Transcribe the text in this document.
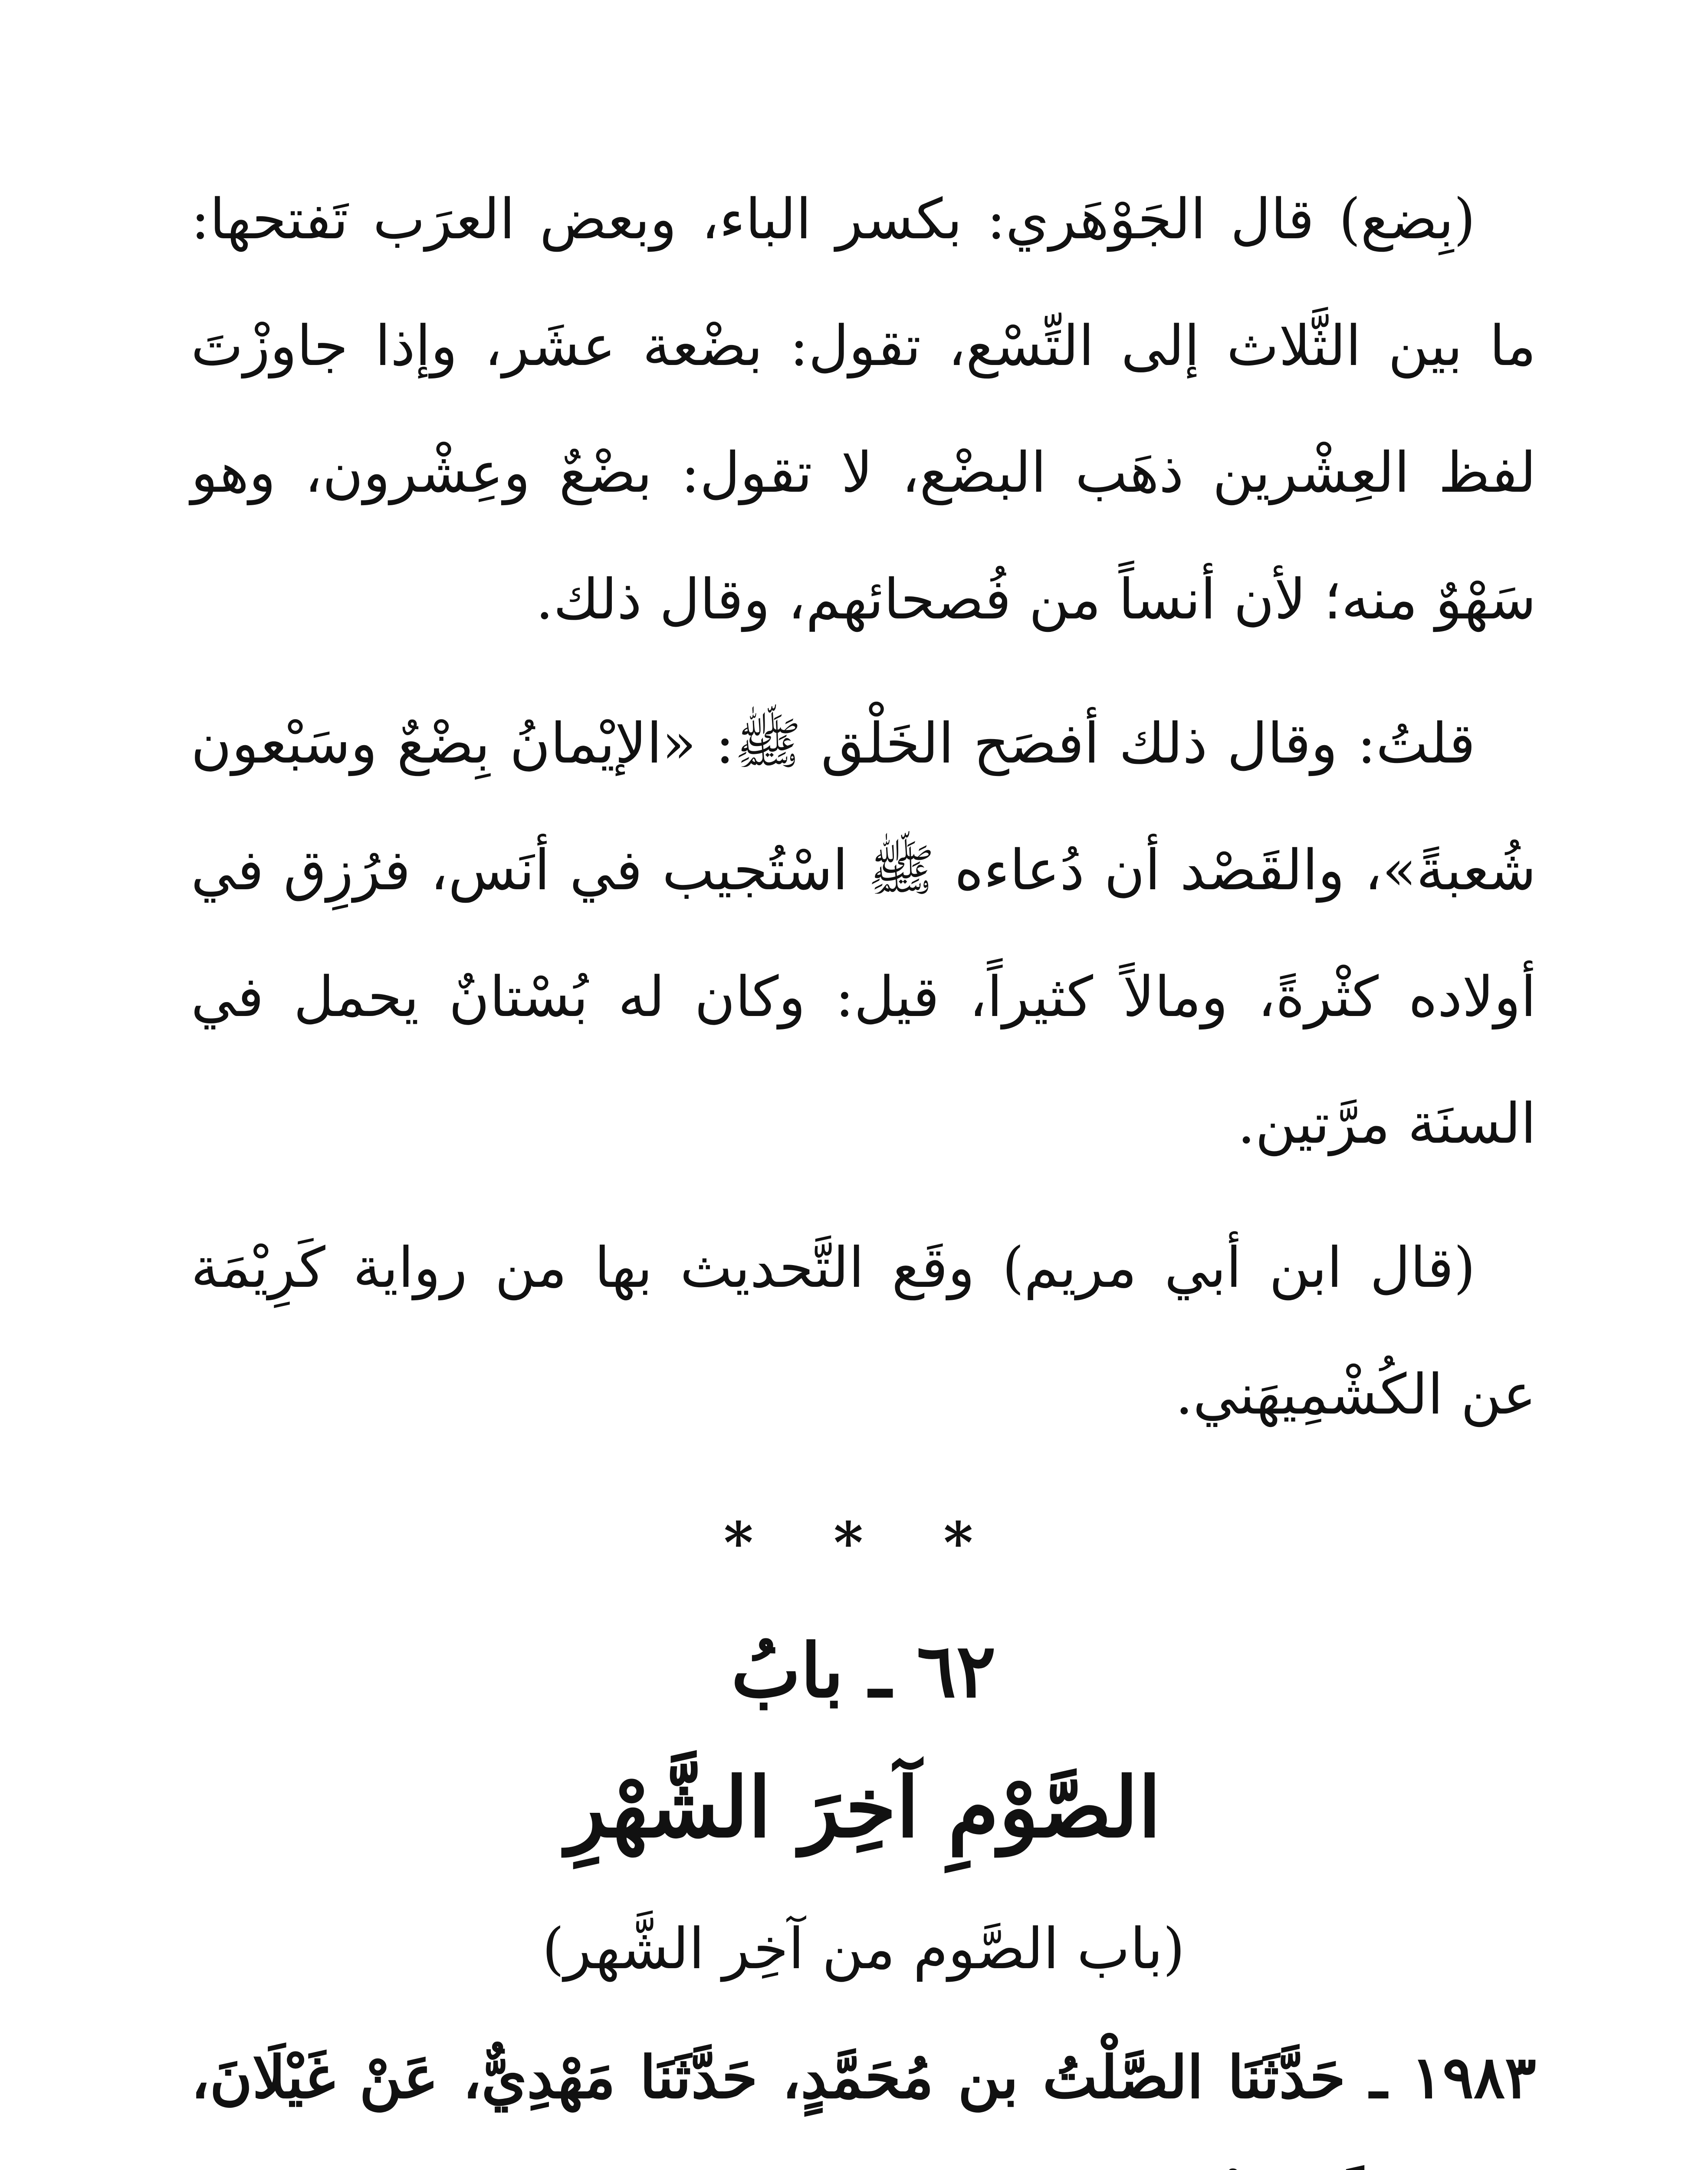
(بِضع) قال الجَوْهَري: بكسر الباء، وبعض العرَب تَفتحها: ما بين الثَّلاث إلى التِّسْع، تقول: بضْعة عشَر، وإذا جاوزْتَ لفظ العِشْرين ذهَب البضْع، لا تقول: بضْعٌ وعِشْرون، وهو سَهْوٌ منه؛ لأن أنساً من فُصحائهم، وقال ذلك.

قلتُ: وقال ذلك أفصَح الخَلْق ﷺ: «الإيْمانُ بِضْعٌ وسَبْعون شُعبةً»، والقَصْد أن دُعاءه ﷺ اسْتُجيب في أنَس، فرُزِق في أولاده كثْرةً، ومالاً كثيراً، قيل: وكان له بُسْتانٌ يحمل في السنَة مرَّتين.

(قال ابن أبي مريم) وقَع التَّحديث بها من رواية كَرِيْمَة عن الكُشْمِيهَني.

* * *
٦٢ ـ بابُ
الصَّوْمِ آخِرَ الشَّهْرِ
(باب الصَّوم من آخِر الشَّهر)

١٩٨٣ ـ حَدَّثَنَا الصَّلْتُ بن مُحَمَّدٍ، حَدَّثَنَا مَهْدِيٌّ، عَنْ غَيْلَانَ،
